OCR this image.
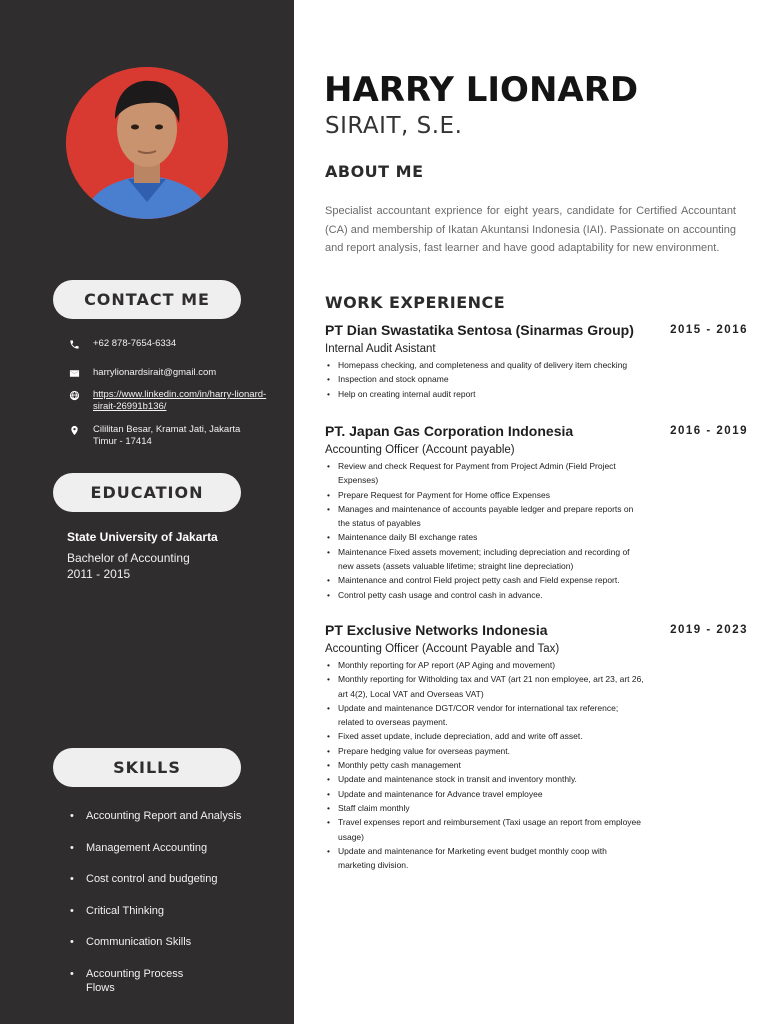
CONTACT ME
+62 878-7654-6334
harrylionardsirait@gmail.com
https://www.linkedin.com/in/harry-lionard-sirait-26991b136/
Cililitan Besar, Kramat Jati, Jakarta Timur - 17414
EDUCATION
State University of Jakarta
Bachelor of Accounting
2011 - 2015
SKILLS
• Accounting Report and Analysis
• Management Accounting
• Cost control and budgeting
• Critical Thinking
• Communication Skills
• Accounting Process Flows
HARRY LIONARD
SIRAIT, S.E.
ABOUT ME

Specialist accountant exprience for eight years, candidate for Certified Accountant (CA) and membership of Ikatan Akuntansi Indonesia (IAI). Passionate on accounting and report analysis, fast learner and have good adaptability for new environment.

WORK EXPERIENCE
PT Dian Swastatika Sentosa (Sinarmas Group)	2015 - 2016
Internal Audit Asistant
• Homepass checking, and completeness and quality of delivery item checking
• Inspection and stock opname
• Help on creating internal audit report
PT. Japan Gas Corporation Indonesia	2016 - 2019
Accounting Officer (Account payable)
• Review and check Request for Payment from Project Admin (Field Project Expenses)
• Prepare Request for Payment for Home office Expenses
• Manages and maintenance of accounts payable ledger and prepare reports on the status of payables
• Maintenance daily BI exchange rates
• Maintenance Fixed assets movement; including depreciation and recording of new assets (assets valuable lifetime; straight line depreciation)
• Maintenance and control Field project petty cash and Field expense report.
• Control petty cash usage and control cash in advance.
PT Exclusive Networks Indonesia	2019 - 2023
Accounting Officer (Account Payable and Tax)
• Monthly reporting for AP report (AP Aging and movement)
• Monthly reporting for Witholding tax and VAT (art 21 non employee, art 23, art 26, art 4(2), Local VAT and Overseas VAT)
• Update and maintenance DGT/COR vendor for international tax reference; related to overseas payment.
• Fixed asset update, include depreciation, add and write off asset.
• Prepare hedging value for overseas payment.
• Monthly petty cash management
• Update and maintenance stock in transit and inventory monthly.
• Update and maintenance for Advance travel employee
• Staff claim monthly
• Travel expenses report and reimbursement (Taxi usage an report from employee usage)
• Update and maintenance for Marketing event budget monthly coop with marketing division.
